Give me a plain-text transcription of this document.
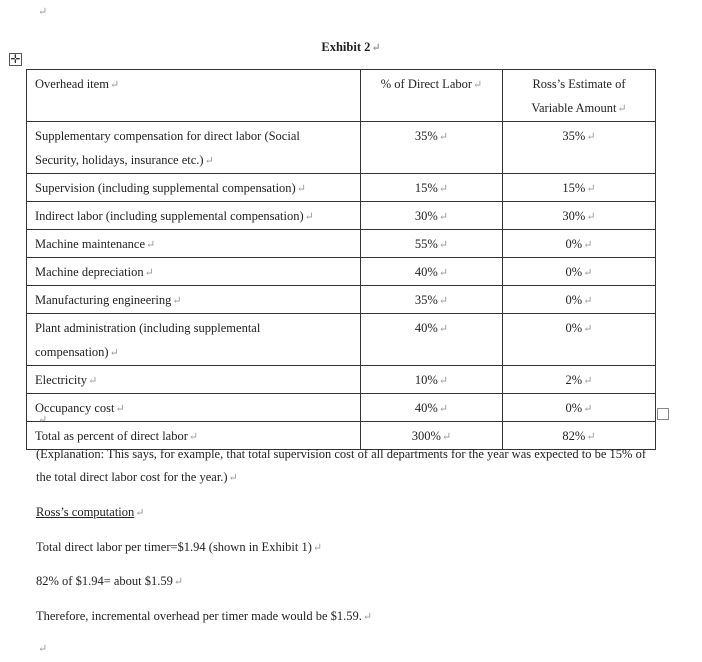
↵
Exhibit 2↵
✛
Overhead item↵	% of Direct Labor↵	Ross’s Estimate of
Variable Amount↵
Supplementary compensation for direct labor (Social
Security, holidays, insurance etc.)↵	35%↵	35%↵
Supervision (including supplemental compensation)↵	15%↵	15%↵
Indirect labor (including supplemental compensation)↵	30%↵	30%↵
Machine maintenance↵	55%↵	0%↵
Machine depreciation↵	40%↵	0%↵
Manufacturing engineering↵	35%↵	0%↵
Plant administration (including supplemental
compensation)↵	40%↵	0%↵
Electricity↵	10%↵	2%↵
Occupancy cost↵	40%↵	0%↵
Total as percent of direct labor↵	300%↵	82%↵
↵
(Explanation: This says, for example, that total supervision cost of all departments for the year was expected to be 15% of the total direct labor cost for the year.)↵
Ross’s computation↵
Total direct labor per timer=$1.94 (shown in Exhibit 1)↵
82% of $1.94= about $1.59↵
Therefore, incremental overhead per timer made would be $1.59.↵
↵
